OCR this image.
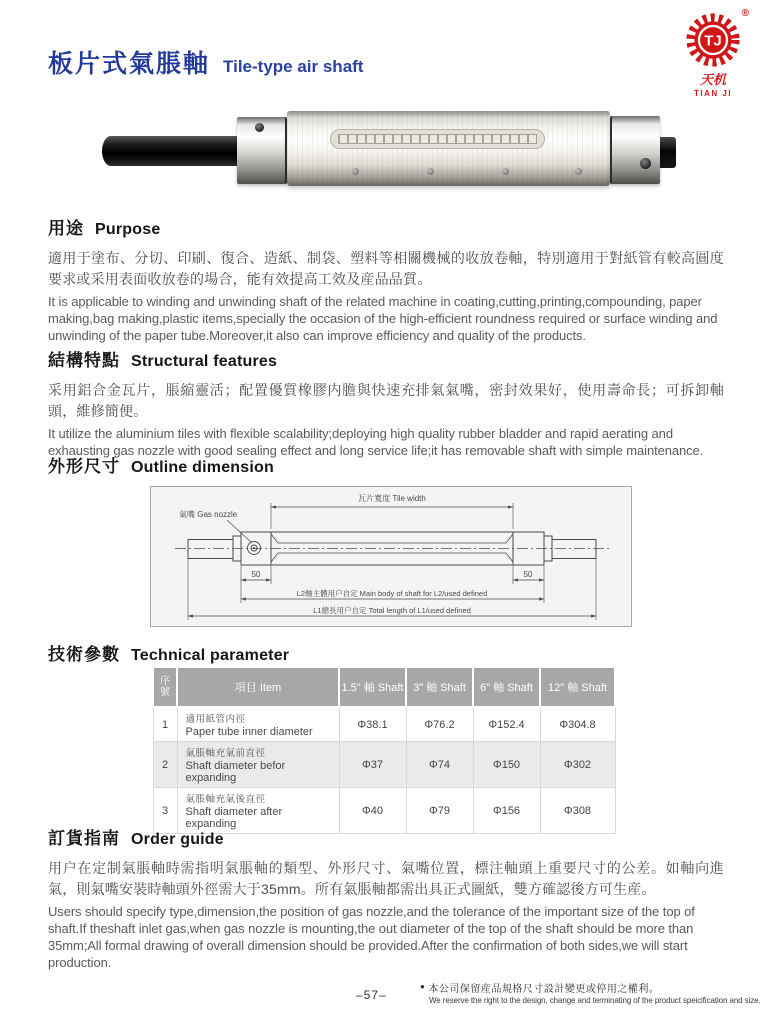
板片式氣脹軸 Tile-type air shaft
TJ
®
天机
TIAN JI
用途 Purpose

適用于塗布、分切、印刷、復合、造紙、制袋、塑料等相關機械的收放卷軸，特別適用于對紙管有較高圓度要求或采用表面收放卷的場合，能有效提高工效及産品品質。

It is applicable to winding and unwinding shaft of the related machine in coating,cutting,printing,compounding, paper making,bag making,plastic items,specially the occasion of the high-efficient roundness required or surface winding and unwinding of the paper tube.Moreover,it also can improve efficiency and quality of the products.

結構特點 Structural features

采用鋁合金瓦片，脹縮靈活；配置優質橡膠内膽與快速充排氣氣嘴，密封效果好，使用壽命長；可拆卸軸頭，維修簡便。

It utilize the aluminium tiles with flexible scalability;deploying high quality rubber bladder and rapid aerating and exhausting gas nozzle with good sealing effect and long service life;it has removable shaft with simple maintenance.

外形尺寸 Outline dimension
氣嘴 Gas nozzle
瓦片寬度 Tile width
50	50
L2軸主體用户自定 Main body of shaft for L2/used defined
L1總長用户自定 Total length of L1/used defined
技術參數 Technical parameter
序號	項目 Item	1.5" 軸 Shaft	3" 軸 Shaft	6" 軸 Shaft	12" 軸 Shaft
1	適用紙管内徑
Paper tube inner diameter	Φ38.1	Φ76.2	Φ152.4	Φ304.8
2	氣脹軸充氣前直徑
Shaft diameter befor expanding	Φ37	Φ74	Φ150	Φ302
3	氣脹軸充氣後直徑
Shaft diameter after expanding	Φ40	Φ79	Φ156	Φ308
訂貨指南 Order guide

用户在定制氣脹軸時需指明氣脹軸的類型、外形尺寸、氣嘴位置，標注軸頭上重要尺寸的公差。如軸向進氣，則氣嘴安裝時軸頭外徑需大于35mm。所有氣脹軸都需出具正式圖紙，雙方確認後方可生産。

Users should specify type,dimension,the position of gas nozzle,and the tolerance of the important size of the top of shaft.If theshaft inlet gas,when gas nozzle is mounting,the out diameter of the top of the shaft should be more than 35mm;All formal drawing of overall dimension should be provided.After the confirmation of both sides,we will start production.

–57–
● 本公司保留産品規格尺寸設計變更或停用之權利。
We reserve the right to the design, change and terminating of the product speicification and size.
